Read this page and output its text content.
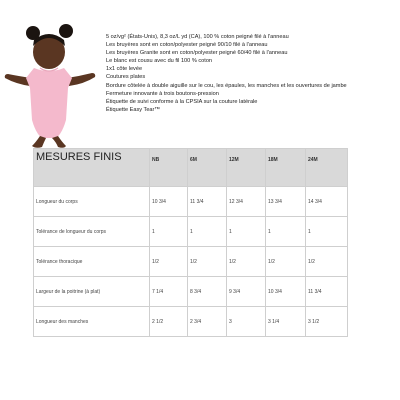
5 oz/vg² (États-Unis), 8,3 oz/L yd (CA), 100 % coton peigné filé à l'anneau
Les bruyères sont en coton/polyester peigné 90/10 filé à l'anneau
Les bruyères Granite sont en coton/polyester peigné 60/40 filé à l'anneau
Le blanc est cousu avec du fil 100 % coton
1x1 côte levée
Coutures plates
Bordure côtelée à double aiguille sur le cou, les épaules, les manches et les ouvertures de jambe
Fermeture innovante à trois boutons-pression
Étiquette de suivi conforme à la CPSIA sur la couture latérale
Étiquette Easy Tear™
MESURES FINIS	NB	6M	12M	18M	24M
Longueur du corps	10 3/4	11 3/4	12 3/4	13 3/4	14 3/4
Tolérance de longueur du corps	1	1	1	1	1
Tolérance thoracique	1/2	1/2	1/2	1/2	1/2
Largeur de la poitrine (à plat)	7 1/4	8 3/4	9 3/4	10 3/4	11 3/4
Longueur des manches	2 1/2	2 3/4	3	3 1/4	3 1/2
